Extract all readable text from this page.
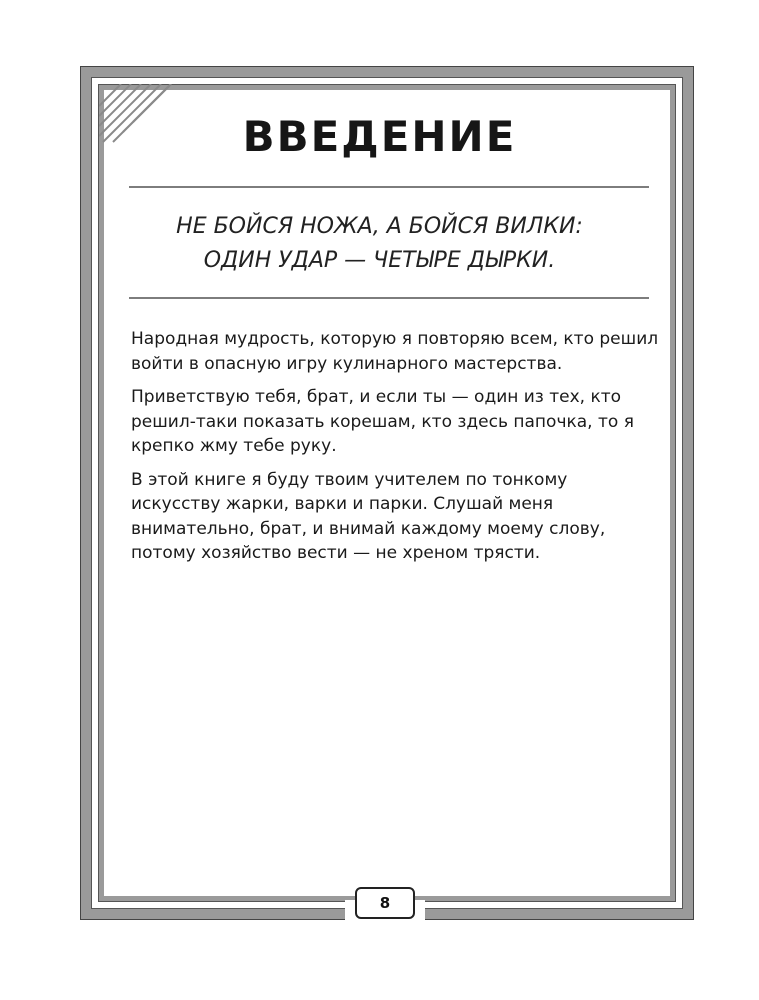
ВВЕДЕНИЕ
НЕ БОЙСЯ НОЖА, А БОЙСЯ ВИЛКИ:
ОДИН УДАР — ЧЕТЫРЕ ДЫРКИ.

Народная мудрость, которую я повторяю всем, кто решил войти в опасную игру кулинарного мастерства.

Приветствую тебя, брат, и если ты — один из тех, кто решил-таки показать корешам, кто здесь папочка, то я крепко жму тебе руку.

В этой книге я буду твоим учителем по тонкому искусству жарки, варки и парки. Слушай меня внимательно, брат, и внимай каждому моему слову, потому хозяйство вести — не хреном трясти.

8
